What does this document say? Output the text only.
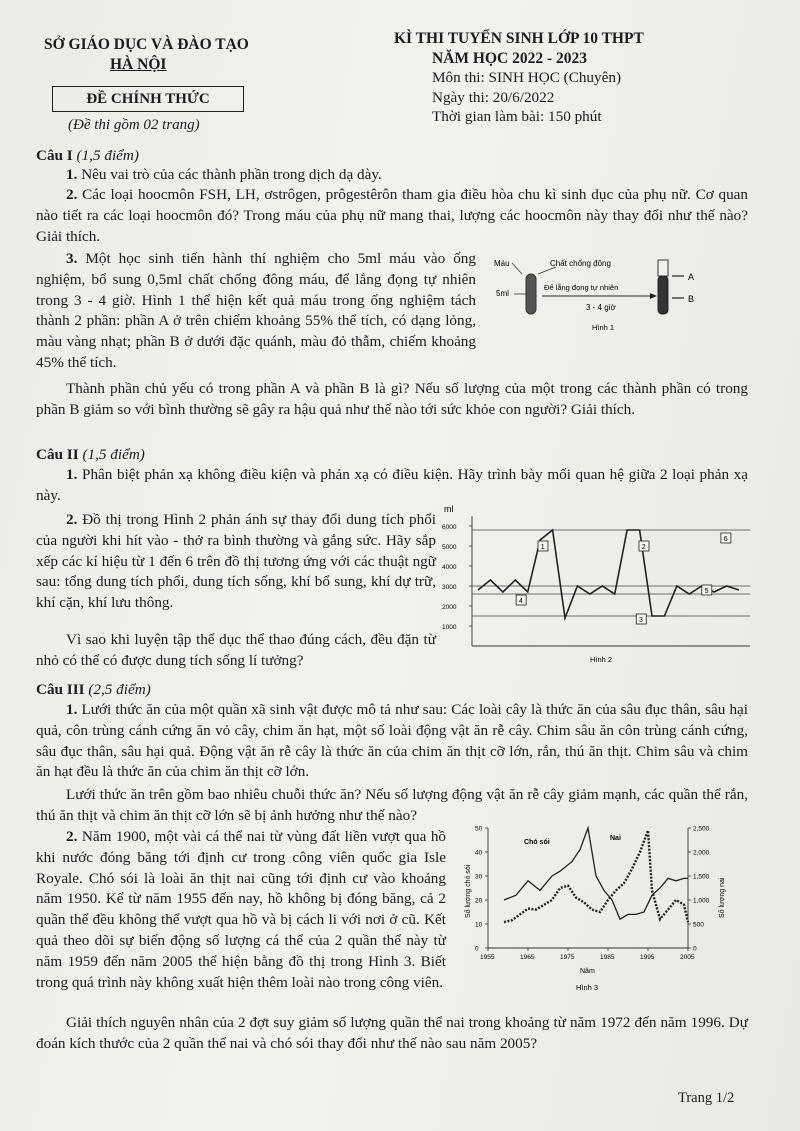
SỞ GIÁO DỤC VÀ ĐÀO TẠO
HÀ NỘI
ĐỀ CHÍNH THỨC
(Đề thi gồm 02 trang)
KÌ THI TUYỂN SINH LỚP 10 THPT
NĂM HỌC 2022 - 2023
Môn thi: SINH HỌC (Chuyên)
Ngày thi: 20/6/2022
Thời gian làm bài: 150 phút
Câu I (1,5 điểm)
1. Nêu vai trò của các thành phần trong dịch dạ dày.
2. Các loại hoocmôn FSH, LH, ơstrôgen, prôgestêrôn tham gia điều hòa chu kì sinh dục của phụ nữ. Cơ quan nào tiết ra các loại hoocmôn đó? Trong máu của phụ nữ mang thai, lượng các hoocmôn này thay đổi như thế nào? Giải thích.
3. Một học sinh tiến hành thí nghiệm cho 5ml máu vào ống nghiệm, bổ sung 0,5ml chất chống đông máu, để lắng đọng tự nhiên trong 3 - 4 giờ. Hình 1 thể hiện kết quả máu trong ống nghiệm tách thành 2 phần: phần A ở trên chiếm khoảng 55% thể tích, có dạng lỏng, màu vàng nhạt; phần B ở dưới đặc quánh, màu đỏ thẫm, chiếm khoảng 45% thể tích.
Máu	Chất chống đông
5ml
Để lắng đọng tự nhiên
3 - 4 giờ
A
B
Hình 1
Thành phần chủ yếu có trong phần A và phần B là gì? Nếu số lượng của một trong các thành phần có trong phần B giảm so với bình thường sẽ gây ra hậu quả như thế nào tới sức khỏe con người? Giải thích.
Câu II (1,5 điểm)
1. Phân biệt phản xạ không điều kiện và phản xạ có điều kiện. Hãy trình bày mối quan hệ giữa 2 loại phản xạ này.
2. Đồ thị trong Hình 2 phản ánh sự thay đổi dung tích phổi của người khi hít vào - thở ra bình thường và gắng sức. Hãy sắp xếp các kí hiệu từ 1 đến 6 trên đồ thị tương ứng với các thuật ngữ sau: tổng dung tích phổi, dung tích sống, khí bổ sung, khí dự trữ, khí cặn, khí lưu thông.
Vì sao khi luyện tập thể dục thể thao đúng cách, đều đặn từ nhỏ có thể có được dung tích sống lí tưởng?
ml
6000
5000
4000
3000
2000
1000
1	2
3
4
5
6
Hình 2
Câu III (2,5 điểm)
1. Lưới thức ăn của một quần xã sinh vật được mô tả như sau: Các loài cây là thức ăn của sâu đục thân, sâu hại quả, côn trùng cánh cứng ăn vỏ cây, chim ăn hạt, một số loài động vật ăn rễ cây. Chim sâu ăn côn trùng cánh cứng, sâu đục thân, sâu hại quả. Động vật ăn rễ cây là thức ăn của chim ăn thịt cỡ lớn, rắn, thú ăn thịt. Chim sâu và chim ăn hạt đều là thức ăn của chim ăn thịt cỡ lớn.
Lưới thức ăn trên gồm bao nhiêu chuỗi thức ăn? Nếu số lượng động vật ăn rễ cây giảm mạnh, các quần thể rắn, thú ăn thịt và chim ăn thịt cỡ lớn sẽ bị ảnh hưởng như thế nào?
2. Năm 1900, một vài cá thể nai từ vùng đất liền vượt qua hồ khi nước đóng băng tới định cư trong công viên quốc gia Isle Royale. Chó sói là loài ăn thịt nai cũng tới định cư vào khoảng năm 1950. Kể từ năm 1955 đến nay, hồ không bị đóng băng, cả 2 quần thể đều không thể vượt qua hồ và bị cách li với nơi ở cũ. Kết quả theo dõi sự biến động số lượng cá thể của 2 quần thể này từ năm 1959 đến năm 2005 thể hiện bằng đồ thị trong Hình 3. Biết trong quá trình này không xuất hiện thêm loài nào trong công viên.
1955	1965	1975	1985	1995	2005
0
10
20
30
40
50
0
500
1,000
1,500
2,000
2,500
Số lượng chó sói	Số lượng nai
Năm
Chó sói
Nai
Hình 3
Giải thích nguyên nhân của 2 đợt suy giảm số lượng quần thể nai trong khoảng từ năm 1972 đến năm 1996. Dự đoán kích thước của 2 quần thể nai và chó sói thay đổi như thế nào sau năm 2005?
Trang 1/2
